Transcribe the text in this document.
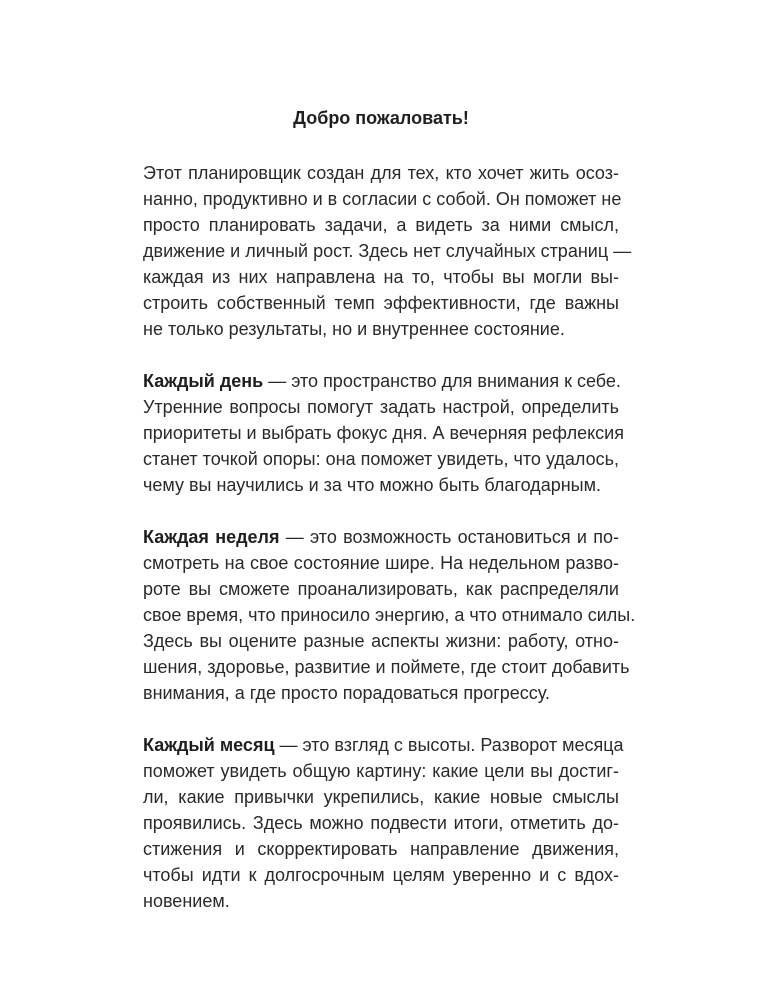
Добро пожаловать!
Этот планировщик создан для тех, кто хочет жить осоз-
нанно, продуктивно и в согласии с собой. Он поможет не
просто планировать задачи, а видеть за ними смысл,
движение и личный рост. Здесь нет случайных страниц —
каждая из них направлена на то, чтобы вы могли вы-
строить собственный темп эффективности, где важны
не только результаты, но и внутреннее состояние.
Каждый день — это пространство для внимания к себе.
Утренние вопросы помогут задать настрой, определить
приоритеты и выбрать фокус дня. А вечерняя рефлексия
станет точкой опоры: она поможет увидеть, что удалось,
чему вы научились и за что можно быть благодарным.
Каждая неделя — это возможность остановиться и по-
смотреть на свое состояние шире. На недельном разво-
роте вы сможете проанализировать, как распределяли
свое время, что приносило энергию, а что отнимало силы.
Здесь вы оцените разные аспекты жизни: работу, отно-
шения, здоровье, развитие и поймете, где стоит добавить
внимания, а где просто порадоваться прогрессу.
Каждый месяц — это взгляд с высоты. Разворот месяца
поможет увидеть общую картину: какие цели вы достиг-
ли, какие привычки укрепились, какие новые смыслы
проявились. Здесь можно подвести итоги, отметить до-
стижения и скорректировать направление движения,
чтобы идти к долгосрочным целям уверенно и с вдох-
новением.
